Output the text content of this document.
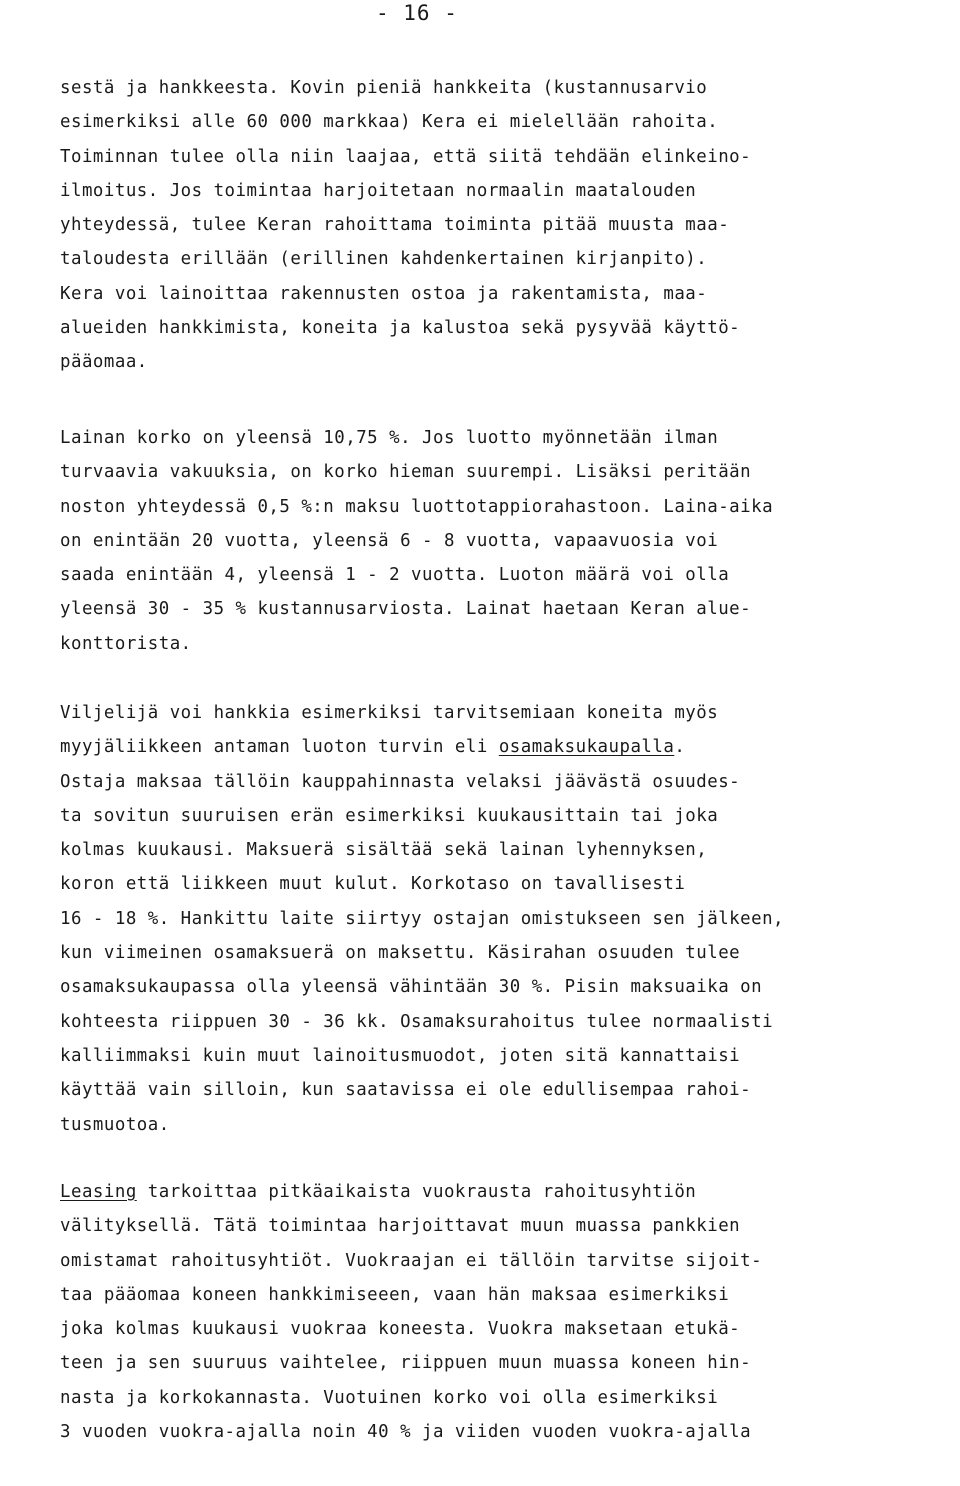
- 16 -
sestä ja hankkeesta. Kovin pieniä hankkeita (kustannusarvio
esimerkiksi alle 60 000 markkaa) Kera ei mielellään rahoita.
Toiminnan tulee olla niin laajaa, että siitä tehdään elinkeino-
ilmoitus. Jos toimintaa harjoitetaan normaalin maatalouden
yhteydessä, tulee Keran rahoittama toiminta pitää muusta maa-
taloudesta erillään (erillinen kahdenkertainen kirjanpito).
Kera voi lainoittaa rakennusten ostoa ja rakentamista, maa-
alueiden hankkimista, koneita ja kalustoa sekä pysyvää käyttö-
pääomaa.
Lainan korko on yleensä 10,75 %. Jos luotto myönnetään ilman
turvaavia vakuuksia, on korko hieman suurempi. Lisäksi peritään
noston yhteydessä 0,5 %:n maksu luottotappiorahastoon. Laina-aika
on enintään 20 vuotta, yleensä 6 - 8 vuotta, vapaavuosia voi
saada enintään 4, yleensä 1 - 2 vuotta. Luoton määrä voi olla
yleensä 30 - 35 % kustannusarviosta. Lainat haetaan Keran alue-
konttorista.
Viljelijä voi hankkia esimerkiksi tarvitsemiaan koneita myös
myyjäliikkeen antaman luoton turvin eli osamaksukaupalla.
Ostaja maksaa tällöin kauppahinnasta velaksi jäävästä osuudes-
ta sovitun suuruisen erän esimerkiksi kuukausittain tai joka
kolmas kuukausi. Maksuerä sisältää sekä lainan lyhennyksen,
koron että liikkeen muut kulut. Korkotaso on tavallisesti
16 - 18 %. Hankittu laite siirtyy ostajan omistukseen sen jälkeen,
kun viimeinen osamaksuerä on maksettu. Käsirahan osuuden tulee
osamaksukaupassa olla yleensä vähintään 30 %. Pisin maksuaika on
kohteesta riippuen 30 - 36 kk. Osamaksurahoitus tulee normaalisti
kalliimmaksi kuin muut lainoitusmuodot, joten sitä kannattaisi
käyttää vain silloin, kun saatavissa ei ole edullisempaa rahoi-
tusmuotoa.
Leasing tarkoittaa pitkäaikaista vuokrausta rahoitusyhtiön
välityksellä. Tätä toimintaa harjoittavat muun muassa pankkien
omistamat rahoitusyhtiöt. Vuokraajan ei tällöin tarvitse sijoit-
taa pääomaa koneen hankkimiseeen, vaan hän maksaa esimerkiksi
joka kolmas kuukausi vuokraa koneesta. Vuokra maksetaan etukä-
teen ja sen suuruus vaihtelee, riippuen muun muassa koneen hin-
nasta ja korkokannasta. Vuotuinen korko voi olla esimerkiksi
3 vuoden vuokra-ajalla noin 40 % ja viiden vuoden vuokra-ajalla
